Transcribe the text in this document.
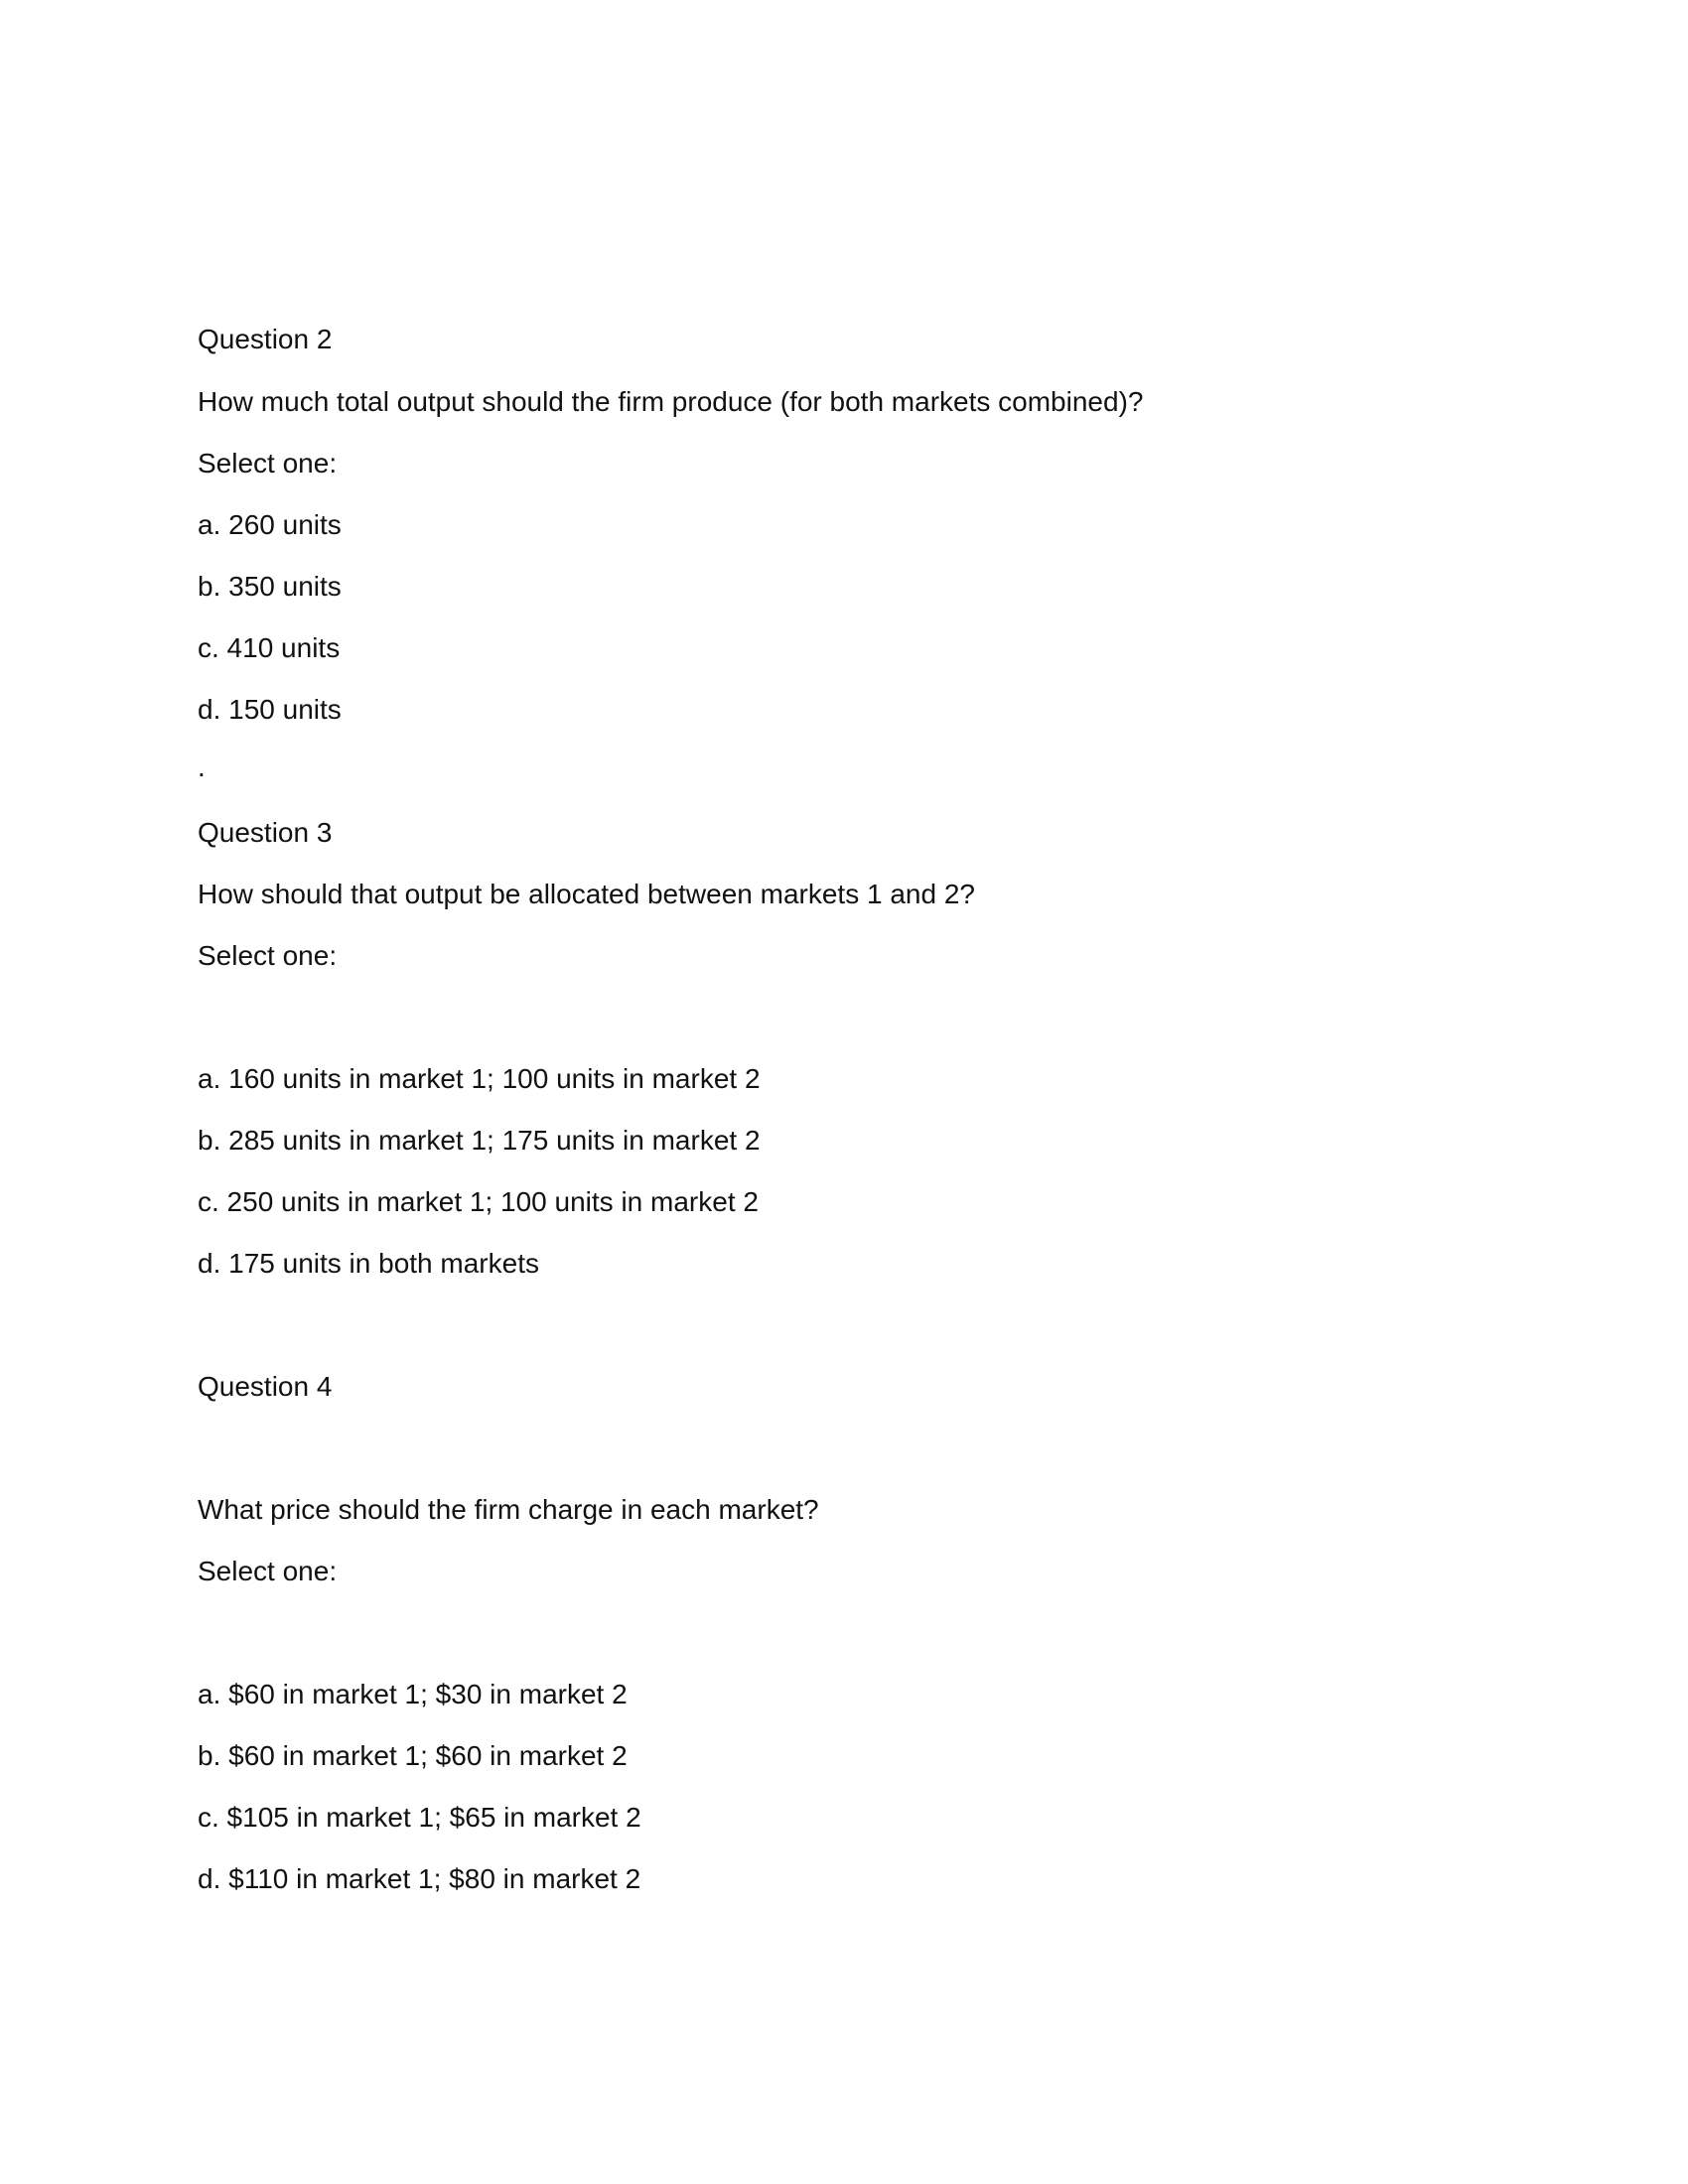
Question 2
How much total output should the firm produce (for both markets combined)?
Select one:
a. 260 units
b. 350 units
c. 410 units
d. 150 units
.
Question 3
How should that output be allocated between markets 1 and 2?
Select one:
a. 160 units in market 1; 100 units in market 2
b. 285 units in market 1; 175 units in market 2
c. 250 units in market 1; 100 units in market 2
d. 175 units in both markets
Question 4
What price should the firm charge in each market?
Select one:
a. $60 in market 1; $30 in market 2
b. $60 in market 1; $60 in market 2
c. $105 in market 1; $65 in market 2
d. $110 in market 1; $80 in market 2
